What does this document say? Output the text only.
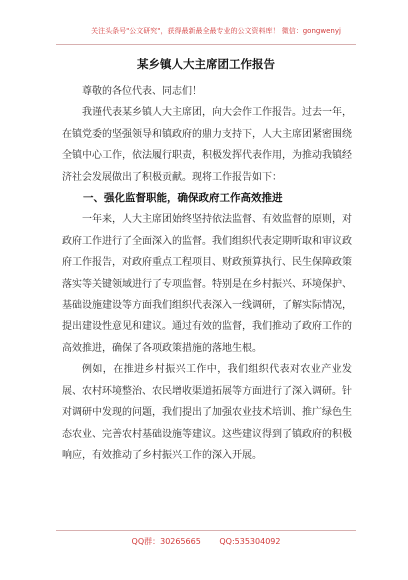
关注头条号"公文研究"，获得最新最全最专业的公文资料库！ 微信：gongwenyj
某乡镇人大主席团工作报告

尊敬的各位代表、同志们！

我谨代表某乡镇人大主席团，向大会作工作报告。过去一年，在镇党委的坚强领导和镇政府的鼎力支持下，人大主席团紧密围绕全镇中心工作，依法履行职责，积极发挥代表作用，为推动我镇经济社会发展做出了积极贡献。现将工作报告如下：

一、强化监督职能，确保政府工作高效推进

一年来，人大主席团始终坚持依法监督、有效监督的原则，对政府工作进行了全面深入的监督。我们组织代表定期听取和审议政府工作报告，对政府重点工程项目、财政预算执行、民生保障政策落实等关键领域进行了专项监督。特别是在乡村振兴、环境保护、基础设施建设等方面我们组织代表深入一线调研，了解实际情况，提出建设性意见和建议。通过有效的监督，我们推动了政府工作的高效推进，确保了各项政策措施的落地生根。

例如，在推进乡村振兴工作中，我们组织代表对农业产业发展、农村环境整治、农民增收渠道拓展等方面进行了深入调研。针对调研中发现的问题，我们提出了加强农业技术培训、推广绿色生态农业、完善农村基础设施等建议。这些建议得到了镇政府的积极响应，有效推动了乡村振兴工作的深入开展。

QQ群：30265665 QQ:535304092
